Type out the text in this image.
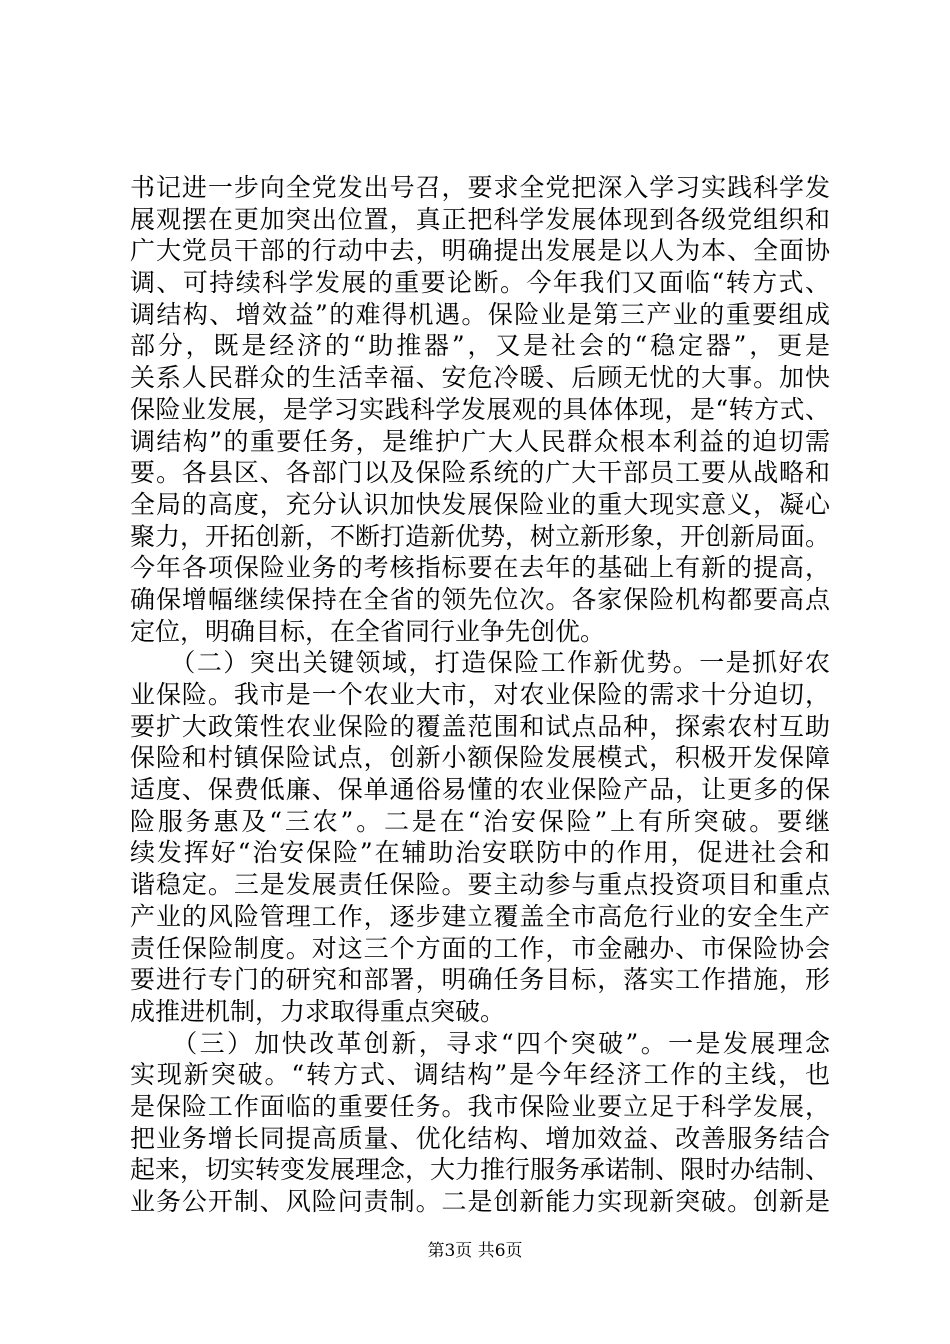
书记进一步向全党发出号召，要求全党把深入学习实践科学发
展观摆在更加突出位置，真正把科学发展体现到各级党组织和
广大党员干部的行动中去，明确提出发展是以人为本、全面协
调、可持续科学发展的重要论断。今年我们又面临“转方式、
调结构、增效益”的难得机遇。保险业是第三产业的重要组成
部分，既是经济的“助推器”，又是社会的“稳定器”，更是
关系人民群众的生活幸福、安危冷暖、后顾无忧的大事。加快
保险业发展，是学习实践科学发展观的具体体现，是“转方式、
调结构”的重要任务，是维护广大人民群众根本利益的迫切需
要。各县区、各部门以及保险系统的广大干部员工要从战略和
全局的高度，充分认识加快发展保险业的重大现实意义，凝心
聚力，开拓创新，不断打造新优势，树立新形象，开创新局面。
今年各项保险业务的考核指标要在去年的基础上有新的提高，
确保增幅继续保持在全省的领先位次。各家保险机构都要高点
定位，明确目标，在全省同行业争先创优。
　　（二）突出关键领域，打造保险工作新优势。一是抓好农
业保险。我市是一个农业大市，对农业保险的需求十分迫切，
要扩大政策性农业保险的覆盖范围和试点品种，探索农村互助
保险和村镇保险试点，创新小额保险发展模式，积极开发保障
适度、保费低廉、保单通俗易懂的农业保险产品，让更多的保
险服务惠及“三农”。二是在“治安保险”上有所突破。要继
续发挥好“治安保险”在辅助治安联防中的作用，促进社会和
谐稳定。三是发展责任保险。要主动参与重点投资项目和重点
产业的风险管理工作，逐步建立覆盖全市高危行业的安全生产
责任保险制度。对这三个方面的工作，市金融办、市保险协会
要进行专门的研究和部署，明确任务目标，落实工作措施，形
成推进机制，力求取得重点突破。
　　（三）加快改革创新，寻求“四个突破”。一是发展理念
实现新突破。“转方式、调结构”是今年经济工作的主线，也
是保险工作面临的重要任务。我市保险业要立足于科学发展，
把业务增长同提高质量、优化结构、增加效益、改善服务结合
起来，切实转变发展理念，大力推行服务承诺制、限时办结制、
业务公开制、风险问责制。二是创新能力实现新突破。创新是
第3页 共6页
